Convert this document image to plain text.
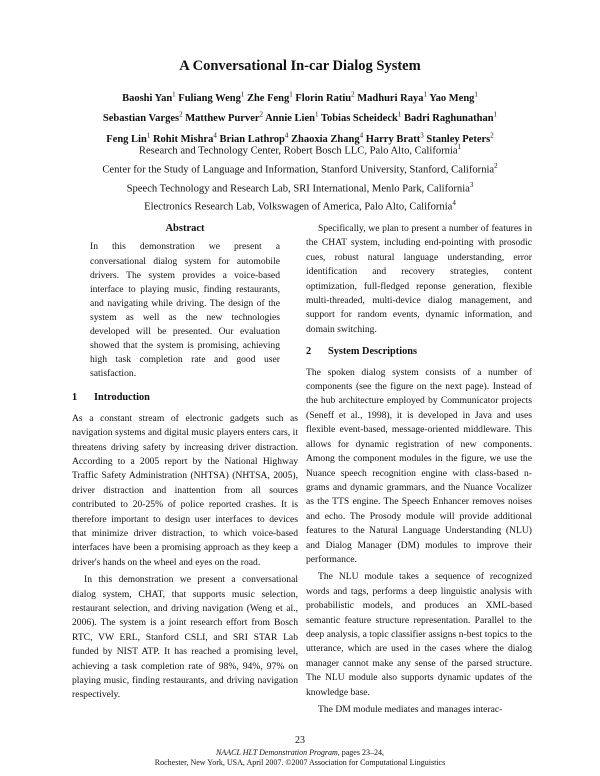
A Conversational In-car Dialog System
Baoshi Yan$^1$ Fuliang Weng$^1$ Zhe Feng$^1$ Florin Ratiu$^2$ Madhuri Raya$^1$ Yao Meng$^1$
Sebastian Varges$^2$ Matthew Purver$^2$ Annie Lien$^1$ Tobias Scheideck$^1$ Badri Raghunathan$^1$
Feng Lin$^1$ Rohit Mishra$^4$ Brian Lathrop$^4$ Zhaoxia Zhang$^4$ Harry Bratt$^3$ Stanley Peters$^2$
Research and Technology Center, Robert Bosch LLC, Palo Alto, California$^1$
Center for the Study of Language and Information, Stanford University, Stanford, California$^2$
Speech Technology and Research Lab, SRI International, Menlo Park, California$^3$
Electronics Research Lab, Volkswagen of America, Palo Alto, California$^4$
Abstract

In this demonstration we present a conversational dialog system for automobile drivers. The system provides a voice-based interface to playing music, finding restaurants, and navigating while driving. The design of the system as well as the new technologies developed will be presented. Our evaluation showed that the system is promising, achieving high task completion rate and good user satisfaction.

1 Introduction

As a constant stream of electronic gadgets such as navigation systems and digital music players enters cars, it threatens driving safety by increasing driver distraction. According to a 2005 report by the National Highway Traffic Safety Administration (NHTSA) (NHTSA, 2005), driver distraction and inattention from all sources contributed to 20-25% of police reported crashes. It is therefore important to design user interfaces to devices that minimize driver distraction, to which voice-based interfaces have been a promising approach as they keep a driver's hands on the wheel and eyes on the road.

In this demonstration we present a conversational dialog system, CHAT, that supports music selection, restaurant selection, and driving navigation (Weng et al., 2006). The system is a joint research effort from Bosch RTC, VW ERL, Stanford CSLI, and SRI STAR Lab funded by NIST ATP. It has reached a promising level, achieving a task completion rate of 98%, 94%, 97% on playing music, finding restaurants, and driving navigation respectively.

Specifically, we plan to present a number of features in the CHAT system, including end-pointing with prosodic cues, robust natural language understanding, error identification and recovery strategies, content optimization, full-fledged reponse generation, flexible multi-threaded, multi-device dialog management, and support for random events, dynamic information, and domain switching.

2 System Descriptions

The spoken dialog system consists of a number of components (see the figure on the next page). Instead of the hub architecture employed by Communicator projects (Seneff et al., 1998), it is developed in Java and uses flexible event-based, message-oriented middleware. This allows for dynamic registration of new components. Among the component modules in the figure, we use the Nuance speech recognition engine with class-based n-grams and dynamic grammars, and the Nuance Vocalizer as the TTS engine. The Speech Enhancer removes noises and echo. The Prosody module will provide additional features to the Natural Language Understanding (NLU) and Dialog Manager (DM) modules to improve their performance.

The NLU module takes a sequence of recognized words and tags, performs a deep linguistic analysis with probabilistic models, and produces an XML-based semantic feature structure representation. Parallel to the deep analysis, a topic classifier assigns n-best topics to the utterance, which are used in the cases where the dialog manager cannot make any sense of the parsed structure. The NLU module also supports dynamic updates of the knowledge base.

The DM module mediates and manages interac-

23
NAACL HLT Demonstration Program, pages 23–24,
Rochester, New York, USA, April 2007. ©2007 Association for Computational Linguistics
